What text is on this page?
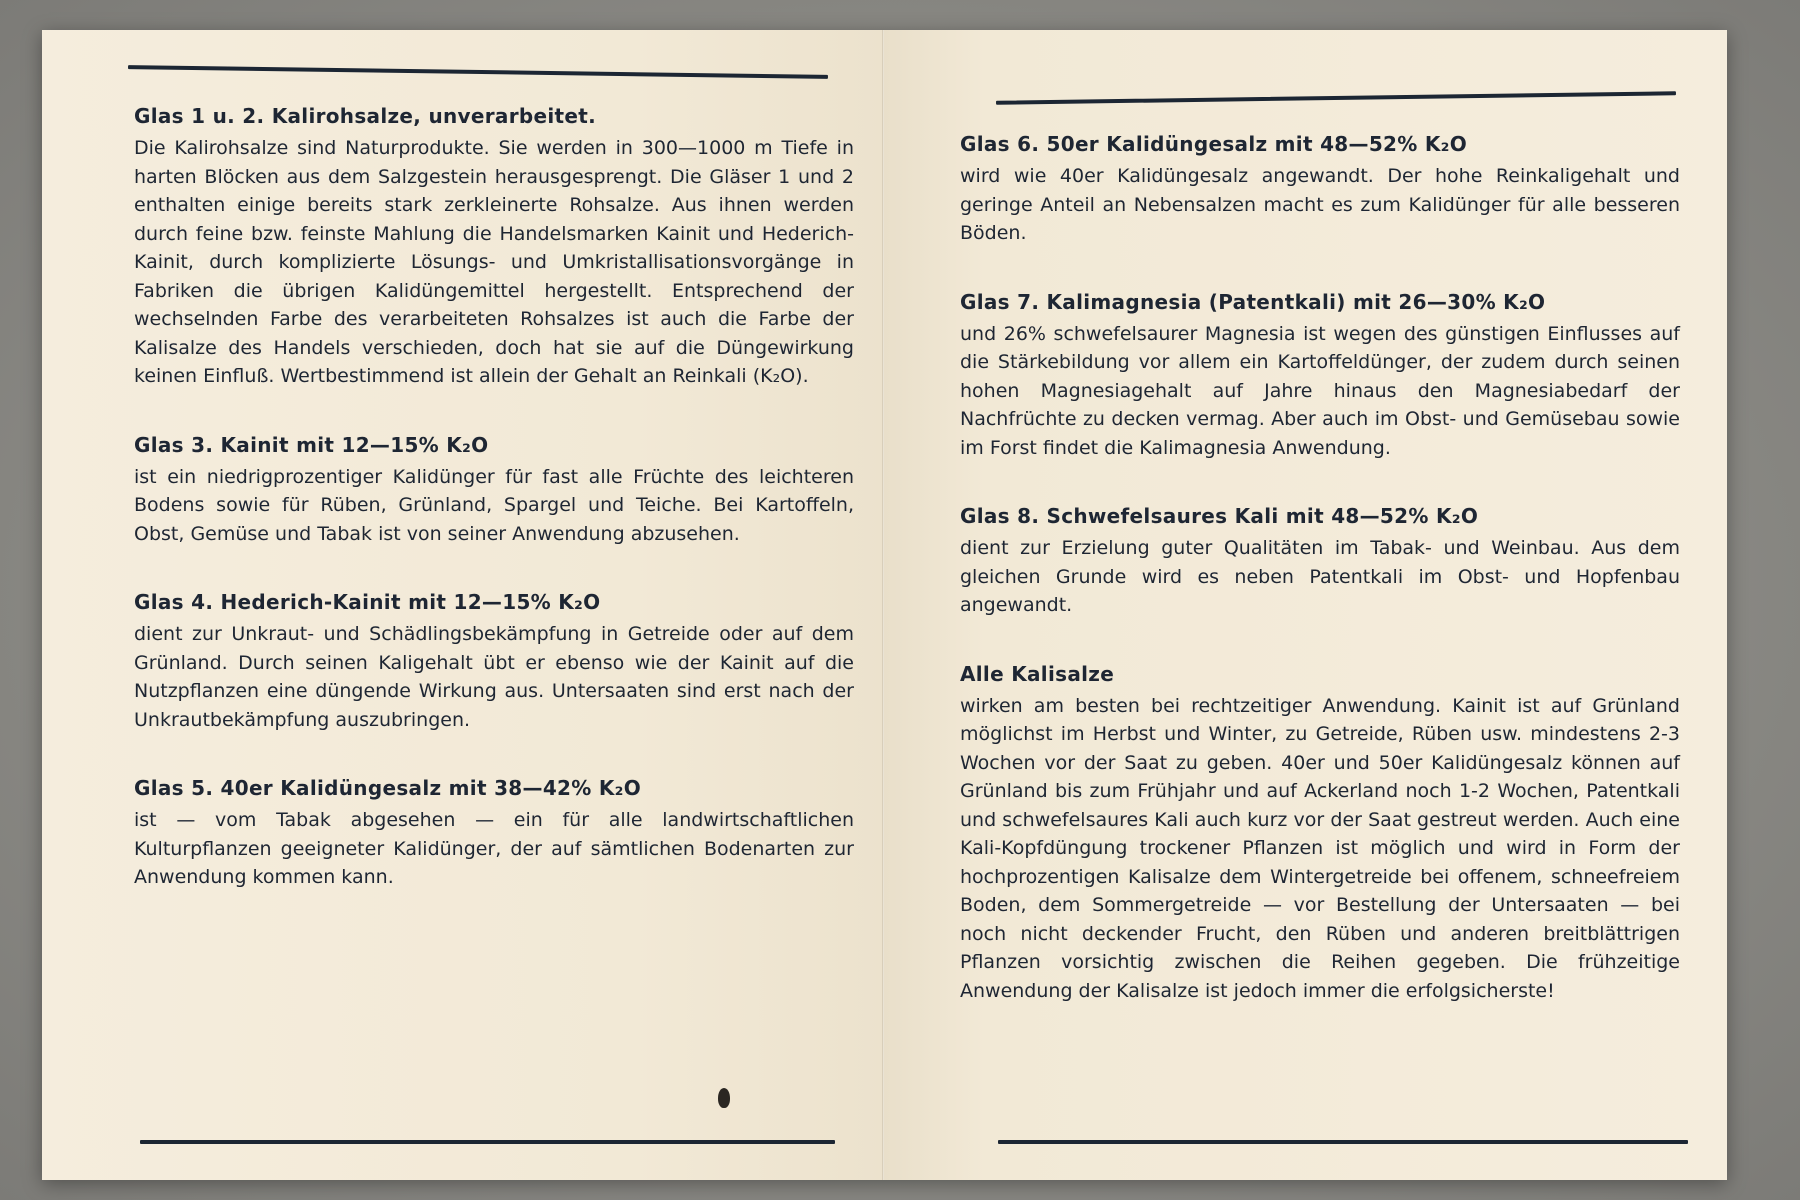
Glas 1 u. 2. Kalirohsalze, unverarbeitet.

Die Kalirohsalze sind Naturprodukte. Sie werden in 300—1000 m Tiefe in harten Blöcken aus dem Salzgestein herausgesprengt. Die Gläser 1 und 2 enthalten einige bereits stark zerkleinerte Rohsalze. Aus ihnen werden durch feine bzw. feinste Mahlung die Handelsmarken Kainit und Hederich-Kainit, durch komplizierte Lösungs- und Umkristallisationsvorgänge in Fabriken die übrigen Kalidüngemittel hergestellt. Entsprechend der wechselnden Farbe des verarbeiteten Rohsalzes ist auch die Farbe der Kalisalze des Handels verschieden, doch hat sie auf die Düngewirkung keinen Einfluß. Wertbestimmend ist allein der Gehalt an Reinkali (K₂O).

Glas 3. Kainit mit 12—15% K₂O

ist ein niedrigprozentiger Kalidünger für fast alle Früchte des leichteren Bodens sowie für Rüben, Grünland, Spargel und Teiche. Bei Kartoffeln, Obst, Gemüse und Tabak ist von seiner Anwendung abzusehen.

Glas 4. Hederich-Kainit mit 12—15% K₂O

dient zur Unkraut- und Schädlingsbekämpfung in Getreide oder auf dem Grünland. Durch seinen Kaligehalt übt er ebenso wie der Kainit auf die Nutzpflanzen eine düngende Wirkung aus. Untersaaten sind erst nach der Unkrautbekämpfung auszubringen.

Glas 5. 40er Kalidüngesalz mit 38—42% K₂O

ist — vom Tabak abgesehen — ein für alle landwirtschaftlichen Kulturpflanzen geeigneter Kalidünger, der auf sämtlichen Bodenarten zur Anwendung kommen kann.

Glas 6. 50er Kalidüngesalz mit 48—52% K₂O

wird wie 40er Kalidüngesalz angewandt. Der hohe Reinkaligehalt und geringe Anteil an Nebensalzen macht es zum Kalidünger für alle besseren Böden.

Glas 7. Kalimagnesia (Patentkali) mit 26—30% K₂O

und 26% schwefelsaurer Magnesia ist wegen des günstigen Einflusses auf die Stärkebildung vor allem ein Kartoffeldünger, der zudem durch seinen hohen Magnesiagehalt auf Jahre hinaus den Magnesiabedarf der Nachfrüchte zu decken vermag. Aber auch im Obst- und Gemüsebau sowie im Forst findet die Kalimagnesia Anwendung.

Glas 8. Schwefelsaures Kali mit 48—52% K₂O

dient zur Erzielung guter Qualitäten im Tabak- und Weinbau. Aus dem gleichen Grunde wird es neben Patentkali im Obst- und Hopfenbau angewandt.

Alle Kalisalze

wirken am besten bei rechtzeitiger Anwendung. Kainit ist auf Grünland möglichst im Herbst und Winter, zu Getreide, Rüben usw. mindestens 2-3 Wochen vor der Saat zu geben. 40er und 50er Kalidüngesalz können auf Grünland bis zum Frühjahr und auf Ackerland noch 1-2 Wochen, Patentkali und schwefelsaures Kali auch kurz vor der Saat gestreut werden. Auch eine Kali-Kopfdüngung trockener Pflanzen ist möglich und wird in Form der hochprozentigen Kalisalze dem Wintergetreide bei offenem, schneefreiem Boden, dem Sommergetreide — vor Bestellung der Untersaaten — bei noch nicht deckender Frucht, den Rüben und anderen breitblättrigen Pflanzen vorsichtig zwischen die Reihen gegeben. Die frühzeitige Anwendung der Kalisalze ist jedoch immer die erfolgsicherste!
